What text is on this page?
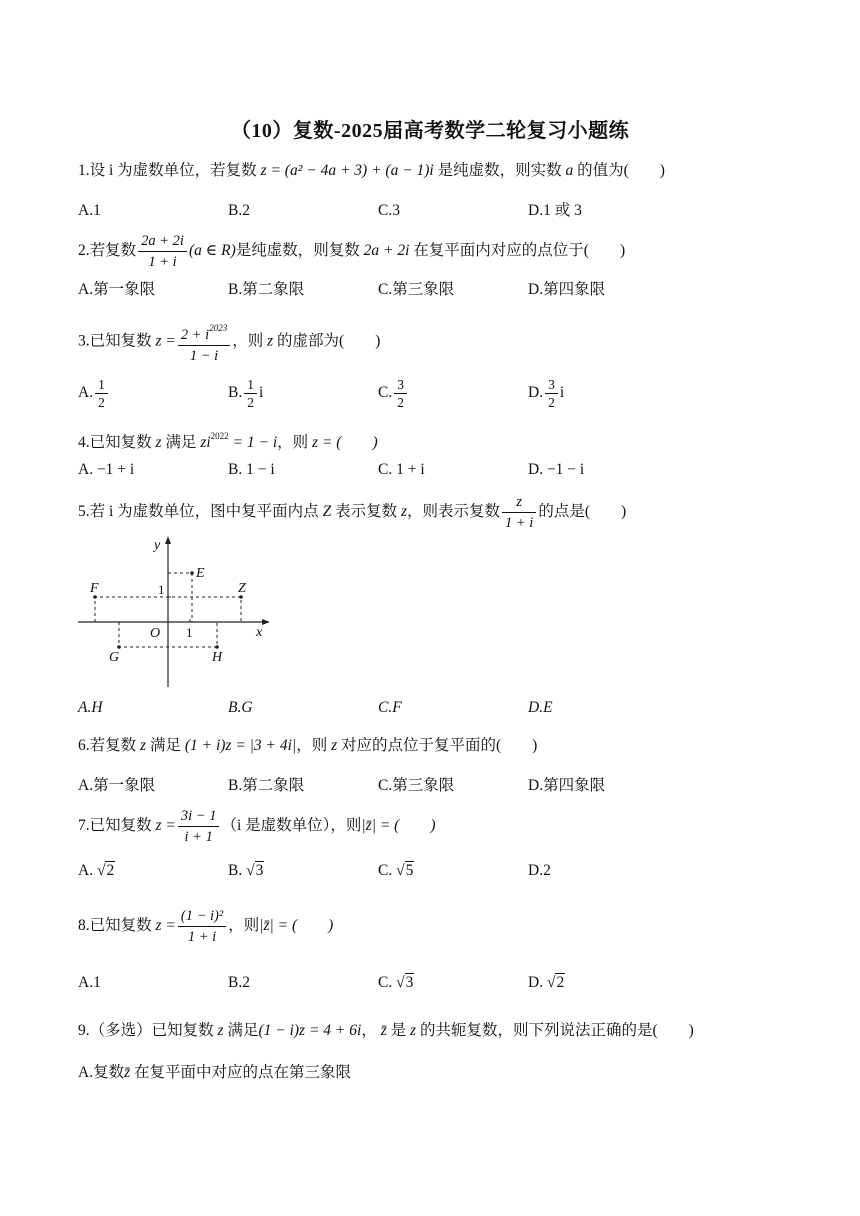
（10）复数-2025届高考数学二轮复习小题练
1.设 i 为虚数单位，若复数 z = (a² − 4a + 3) + (a − 1)i 是纯虚数，则实数 a 的值为(　　)
A.1	B.2	C.3	D.1 或 3
2.若复数 $\frac{2a + 2i}{1 + i} (a$ ∈ R)是纯虚数，则复数 2a + 2i 在复平面内对应的点位于(　　)
A.第一象限	B.第二象限	C.第三象限	D.第四象限
3.已知复数 $z = \frac{2 + i^{2023}}{1 - i}$ ，则 z 的虚部为(　　)
A. $\frac{1}{2}$	B. $\frac{1}{2}$ i	C. $\frac{3}{2}$	D. $\frac{3}{2}$ i
4.已知复数 z 满足 $zi^{2022} = 1 - i$，则 z = (　　)
A. −1 + i	B. 1 − i	C. 1 + i	D. −1 − i
5.若 i 为虚数单位，图中复平面内点 Z 表示复数 z，则表示复数 $\frac{z}{1 + i}$ 的点是(　　)
y
x
O
E
F	Z
G	H
1
1
A.H	B.G	C.F	D.E
6.若复数 z 满足 (1 + i)z = |3 + 4i|，则 z 对应的点位于复平面的(　　)
A.第一象限	B.第二象限	C.第三象限	D.第四象限
7.已知复数 $z = \frac{3i - 1}{i + 1} (i$ 是虚数单位），则|z̄| = (　　)
A. √2	B. √3	C. √5	D.2
8.已知复数 $z = \frac{\text{(1 − i)²}}{1 + i}$ ，则|z̄| = (　　)
A.1	B.2	C. √3	D. √2
9.（多选）已知复数 z 满足(1 − i)z = 4 + 6i， z̄ 是 z 的共轭复数，则下列说法正确的是(　　)
A.复数z̄ 在复平面中对应的点在第三象限
